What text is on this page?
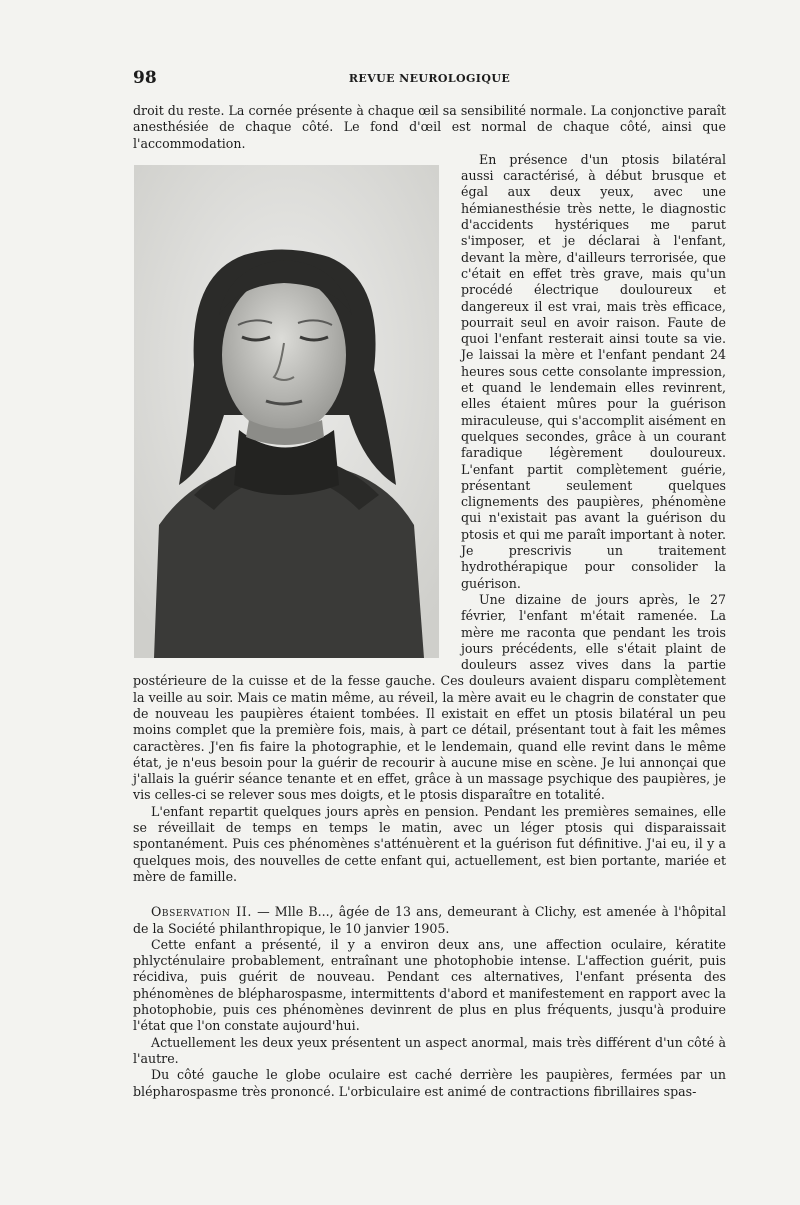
98	REVUE NEUROLOGIQUE

droit du reste. La cornée présente à chaque œil sa sensibilité normale. La conjonctive paraît anesthésiée de chaque côté. Le fond d'œil est normal de chaque côté, ainsi que l'accommodation.

En présence d'un ptosis bilatéral aussi caractérisé, à début brusque et égal aux deux yeux, avec une hémianesthésie très nette, le diagnostic d'accidents hystériques me parut s'imposer, et je déclarai à l'enfant, devant la mère, d'ailleurs terrorisée, que c'était en effet très grave, mais qu'un procédé électrique douloureux et dangereux il est vrai, mais très efficace, pourrait seul en avoir raison. Faute de quoi l'enfant resterait ainsi toute sa vie. Je laissai la mère et l'enfant pendant 24 heures sous cette consolante impression, et quand le lendemain elles revinrent, elles étaient mûres pour la guérison miraculeuse, qui s'accomplit aisément en quelques secondes, grâce à un courant faradique légèrement douloureux. L'enfant partit complètement guérie, présentant seulement quelques clignements des paupières, phénomène qui n'existait pas avant la guérison du ptosis et qui me paraît important à noter. Je prescrivis un traitement hydrothérapique pour consolider la guérison.

Une dizaine de jours après, le 27 février, l'enfant m'était ramenée. La mère me raconta que pendant les trois jours précédents, elle s'était plaint de douleurs assez vives dans la partie postérieure de la cuisse et de la fesse gauche. Ces douleurs avaient disparu complètement la veille au soir. Mais ce matin même, au réveil, la mère avait eu le chagrin de constater que de nouveau les paupières étaient tombées. Il existait en effet un ptosis bilatéral un peu moins complet que la première fois, mais, à part ce détail, présentant tout à fait les mêmes caractères. J'en fis faire la photographie, et le lendemain, quand elle revint dans le même état, je n'eus besoin pour la guérir de recourir à aucune mise en scène. Je lui annonçai que j'allais la guérir séance tenante et en effet, grâce à un massage psychique des paupières, je vis celles-ci se relever sous mes doigts, et le ptosis disparaître en totalité.

L'enfant repartit quelques jours après en pension. Pendant les premières semaines, elle se réveillait de temps en temps le matin, avec un léger ptosis qui disparaissait spontanément. Puis ces phénomènes s'atténuèrent et la guérison fut définitive. J'ai eu, il y a quelques mois, des nouvelles de cette enfant qui, actuellement, est bien portante, mariée et mère de famille.

Observation II. — Mlle B..., âgée de 13 ans, demeurant à Clichy, est amenée à l'hôpital de la Société philanthropique, le 10 janvier 1905.

Cette enfant a présenté, il y a environ deux ans, une affection oculaire, kératite phlycténulaire probablement, entraînant une photophobie intense. L'affection guérit, puis récidiva, puis guérit de nouveau. Pendant ces alternatives, l'enfant présenta des phénomènes de blépharospasme, intermittents d'abord et manifestement en rapport avec la photophobie, puis ces phénomènes devinrent de plus en plus fréquents, jusqu'à produire l'état que l'on constate aujourd'hui.

Actuellement les deux yeux présentent un aspect anormal, mais très différent d'un côté à l'autre.

Du côté gauche le globe oculaire est caché derrière les paupières, fermées par un blépharospasme très prononcé. L'orbiculaire est animé de contractions fibrillaires spas-
